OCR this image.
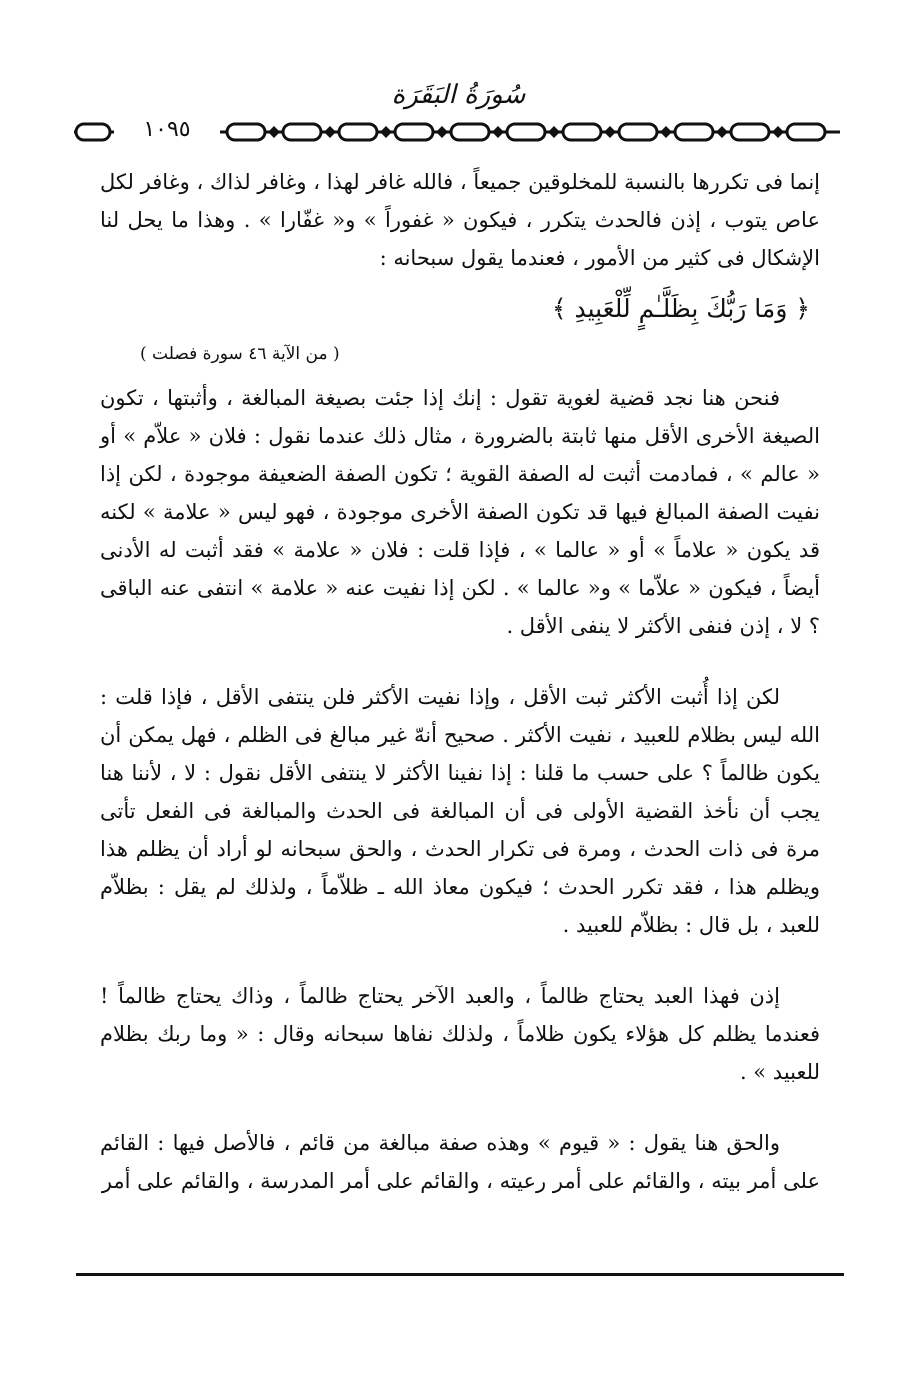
سُورَةُ البَقَرَة
١٠٩٥

إنما فى تكررها بالنسبة للمخلوقين جميعاً ، فالله غافر لهذا ، وغافر لذاك ، وغافر لكل عاص يتوب ، إذن فالحدث يتكرر ، فيكون « غفوراً » و« غفّارا » . وهذا ما يحل لنا الإشكال فى كثير من الأمور ، فعندما يقول سبحانه :

﴿ وَمَا رَبُّكَ بِظَلَّـٰمٍ لِّلْعَبِيدِ ﴾
( من الآية ٤٦ سورة فصلت )

فنحن هنا نجد قضية لغوية تقول : إنك إذا جئت بصيغة المبالغة ، وأثبتها ، تكون الصيغة الأخرى الأقل منها ثابتة بالضرورة ، مثال ذلك عندما نقول : فلان « علاّم » أو « عالم » ، فمادمت أثبت له الصفة القوية ؛ تكون الصفة الضعيفة موجودة ، لكن إذا نفيت الصفة المبالغ فيها قد تكون الصفة الأخرى موجودة ، فهو ليس « علامة » لكنه قد يكون « علاماً » أو « عالما » ، فإذا قلت : فلان « علامة » فقد أثبت له الأدنى أيضاً ، فيكون « علاّما » و« عالما » . لكن إذا نفيت عنه « علامة » انتفى عنه الباقى ؟ لا ، إذن فنفى الأكثر لا ينفى الأقل .

لكن إذا أُثبت الأكثر ثبت الأقل ، وإذا نفيت الأكثر فلن ينتفى الأقل ، فإذا قلت : الله ليس بظلام للعبيد ، نفيت الأكثر . صحيح أنهّ غير مبالغ فى الظلم ، فهل يمكن أن يكون ظالماً ؟ على حسب ما قلنا : إذا نفينا الأكثر لا ينتفى الأقل نقول : لا ، لأننا هنا يجب أن نأخذ القضية الأولى فى أن المبالغة فى الحدث والمبالغة فى الفعل تأتى مرة فى ذات الحدث ، ومرة فى تكرار الحدث ، والحق سبحانه لو أراد أن يظلم هذا ويظلم هذا ، فقد تكرر الحدث ؛ فيكون معاذ الله ـ ظلاّماً ، ولذلك لم يقل : بظلاّم للعبد ، بل قال : بظلاّم للعبيد .

إذن فهذا العبد يحتاج ظالماً ، والعبد الآخر يحتاج ظالماً ، وذاك يحتاج ظالماً ! فعندما يظلم كل هؤلاء يكون ظلاماً ، ولذلك نفاها سبحانه وقال : « وما ربك بظلام للعبيد » .

والحق هنا يقول : « قيوم » وهذه صفة مبالغة من قائم ، فالأصل فيها : القائم على أمر بيته ، والقائم على أمر رعيته ، والقائم على أمر المدرسة ، والقائم على أمر
